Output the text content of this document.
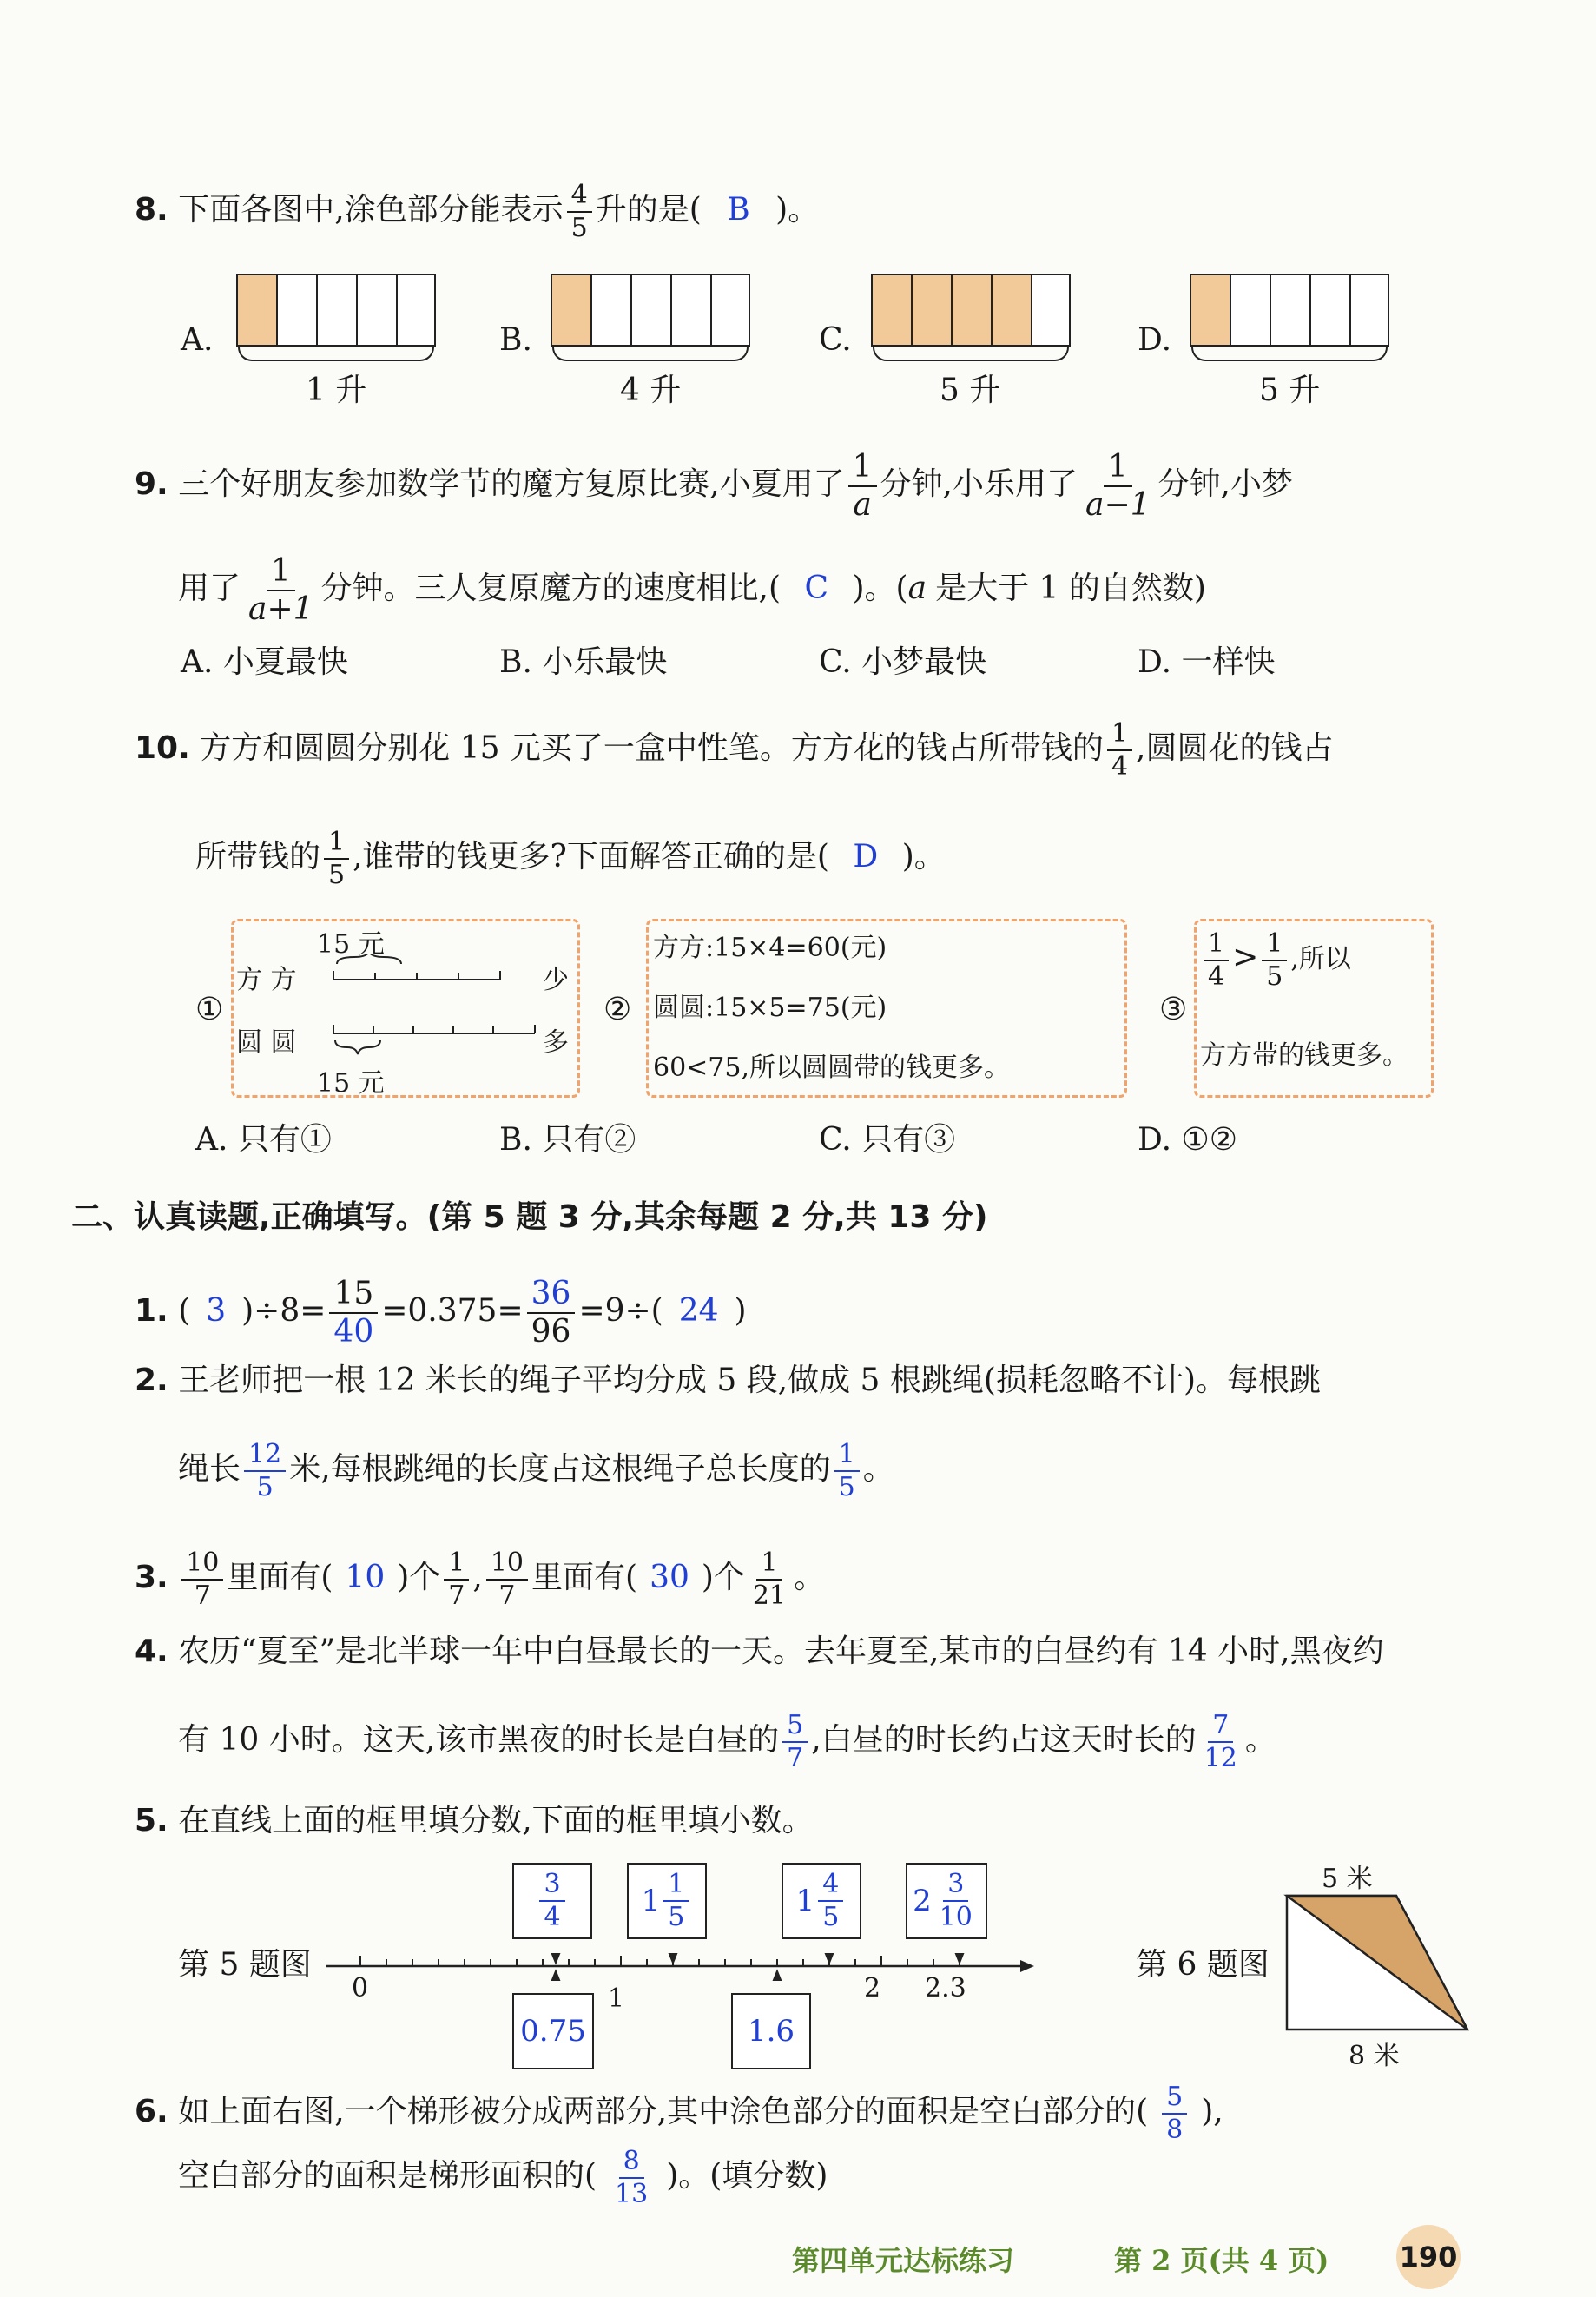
8. 下面各图中,涂色部分能表示 $\frac{4}{5}$ 升的是( B )。
A.
1 升
B.
4 升
C.
5 升
D.
5 升
9. 三个好朋友参加数学节的魔方复原比赛,小夏用了 $\frac{1}{a}$ 分钟,小乐用了 $\frac{1}{a-1}$ 分钟,小梦
用了 $\frac{1}{a+1}$ 分钟。三人复原魔方的速度相比,( C )。(a 是大于 1 的自然数)
A. 小夏最快	B. 小乐最快	C. 小梦最快	D. 一样快
10. 方方和圆圆分别花 15 元买了一盒中性笔。方方花的钱占所带钱的 $\frac{1}{4}$ ,圆圆花的钱占
所带钱的 $\frac{1}{5}$ ,谁带的钱更多?下面解答正确的是( D )。
①
15 元
方 方
圆 圆
少
多
15 元
②
方方:15×4=60(元)
圆圆:15×5=75(元)
60<75,所以圆圆带的钱更多。
③
$\frac{1}{4} > \frac{1}{5}$ ,所以
方方带的钱更多。
A. 只有①	B. 只有②	C. 只有③	D. ①②
二、认真读题,正确填写。(第 5 题 3 分,其余每题 2 分,共 13 分)
1. ( 3 )$\div 8= \frac{15}{40} =0.375= \frac{36}{96} =9\div$( 24 )
2. 王老师把一根 12 米长的绳子平均分成 5 段,做成 5 根跳绳(损耗忽略不计)。每根跳
绳长 $\frac{12}{5}$ 米,每根跳绳的长度占这根绳子总长度的 $\frac{1}{5}$ 。
3. $\frac{10}{7}$ 里面有( 10 )个 $\frac{1}{7}$ , $\frac{10}{7}$ 里面有( 30 )个 $\frac{1}{21}$ 。
4. 农历“夏至”是北半球一年中白昼最长的一天。去年夏至,某市的白昼约有 14 小时,黑夜约
有 10 小时。这天,该市黑夜的时长是白昼的 $\frac{5}{7}$ ,白昼的时长约占这天时长的 $\frac{7}{12}$ 。
5. 在直线上面的框里填分数,下面的框里填小数。
第 5 题图
0	1	2 2.3
$\frac{3}{4}$	$1 \frac{1}{5}$	$1 \frac{4}{5} 2 \frac{3}{10}$
0.75	1.6
第 6 题图
5 米
8 米
6. 如上面右图,一个梯形被分成两部分,其中涂色部分的面积是空白部分的( $\frac{5}{8}$ ),
空白部分的面积是梯形面积的( $\frac{8}{13}$ )。(填分数)
第四单元达标练习	第 2 页(共 4 页)	190
